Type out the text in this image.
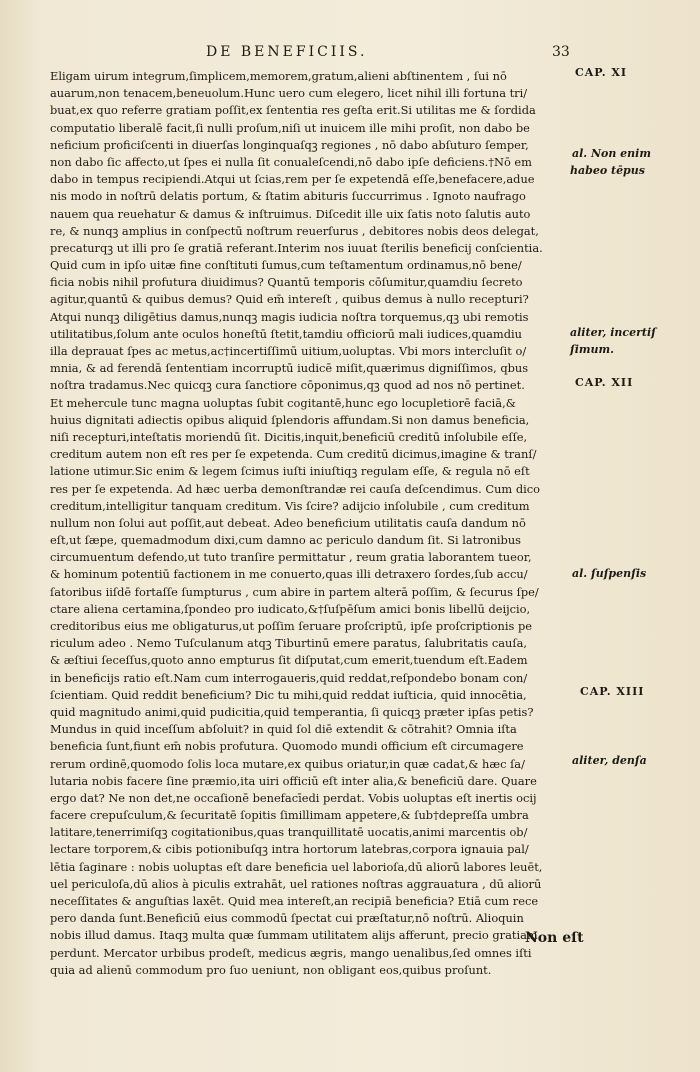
DE BENEFICIIS.	33
Eligam uirum integrum,ſimplicem,memorem,gratum,alieni abſtinentem , ſui nō
auarum,non tenacem,beneuolum.Hunc uero cum elegero, licet nihil illi fortuna tri/
buat,ex quo referre gratiam poſſit,ex ſententia res geſta erit.Si utilitas me & ſordida
computatio liberalē facit,ſi nulli proſum,niſi ut inuicem ille mihi proſit, non dabo be
neficium proficiſcenti in diuerſas longinquaſqꝫ regiones , nō dabo abſuturo ſemper,
non dabo ſic affecto,ut ſpes ei nulla ſit conualeſcendi,nō dabo ipſe deficiens.†Nō em
dabo in tempus recipiendi.Atqui ut ſcias,rem per ſe expetendā eſſe,benefacere,adue
nis modo in noſtrū delatis portum, & ſtatim abituris ſuccurrimus . Ignoto naufrago
nauem qua reuehatur & damus & inſtruimus. Diſcedit ille uix ſatis noto ſalutis auto
re, & nunqꝫ amplius in conſpectū noſtrum reuerſurus , debitores nobis deos delegat,
precaturqꝫ ut illi pro ſe gratiā referant.Interim nos iuuat ſterilis beneficij conſcientia.
Quid cum in ipſo uitæ fine conſtituti ſumus,cum teſtamentum ordinamus,nō bene/
ficia nobis nihil profutura diuidimus? Quantū temporis cōſumitur,quamdiu ſecreto
agitur,quantū & quibus demus? Quid em̄ intereſt , quibus demus à nullo recepturi?
Atqui nunqꝫ diligētius damus,nunqꝫ magis iudicia noſtra torquemus,qꝫ ubi remotis
utilitatibus,ſolum ante oculos honeſtū ſtetit,tamdiu officiorū mali iudices,quamdiu
illa deprauat ſpes ac metus,ac†incertiſſimū uitium,uoluptas. Vbi mors intercluſit o/
mnia, & ad ferendā ſententiam incorruptū iudicē miſit,quærimus digniſſimos, qbus
noſtra tradamus.Nec quicqꝫ cura ſanctiore cōponimus,qꝫ quod ad nos nō pertinet.
Et mehercule tunc magna uoluptas ſubit cogitantē,hunc ego locupletiorē faciā,&
huius dignitati adiectis opibus aliquid ſplendoris affundam.Si non damus beneficia,
niſi recepturi,inteſtatis moriendū ſit. Dicitis,inquit,beneficiū creditū inſolubile eſſe,
creditum autem non eſt res per ſe expetenda. Cum creditū dicimus,imagine & tranſ/
latione utimur.Sic enim & legem ſcimus iuſti iniuſtiqꝫ regulam eſſe, & regula nō eſt
res per ſe expetenda. Ad hæc uerba demonſtrandæ rei cauſa deſcendimus. Cum dico
creditum,intelligitur tanquam creditum. Vis ſcire? adijcio inſolubile , cum creditum
nullum non ſolui aut poſſit,aut debeat. Adeo beneficium utilitatis cauſa dandum nō
eſt,ut ſæpe, quemadmodum dixi,cum damno ac periculo dandum ſit. Si latronibus
circumuentum defendo,ut tuto tranſire permittatur , reum gratia laborantem tueor,
& hominum potentiū factionem in me conuerto,quas illi detraxero ſordes,ſub accu/
ſatoribus iiſdē fortaſſe ſumpturus , cum abire in partem alterā poſſim, & ſecurus ſpe/
ctare aliena certamina,ſpondeo pro iudicato,&†ſuſpēſum amici bonis libellū deijcio,
creditoribus eius me obligaturus,ut poſſim ſeruare proſcriptū, ipſe proſcriptionis pe
riculum adeo . Nemo Tuſculanum atqꝫ Tiburtinū emere paratus, ſalubritatis cauſa,
& æſtiui ſeceſſus,quoto anno empturus ſit diſputat,cum emerit,tuendum eſt.Eadem
in beneficijs ratio eſt.Nam cum interrogaueris,quid reddat,reſpondebo bonam con/
ſcientiam. Quid reddit beneficium? Dic tu mihi,quid reddat iuſticia, quid innocētia,
quid magnitudo animi,quid pudicitia,quid temperantia, ſi quicqꝫ præter ipſas petis?
Mundus in quid inceſſum abſoluit? in quid ſol diē extendit & cōtrahit? Omnia iſta
beneficia ſunt,fiunt em̄ nobis profutura. Quomodo mundi officium eſt circumagere
rerum ordinē,quomodo ſolis loca mutare,ex quibus oriatur,in quæ cadat,& hæc ſa/
lutaria nobis facere ſine præmio,ita uiri officiū eſt inter alia,& beneficiū dare. Quare
ergo dat? Ne non det,ne occaſionē benefacīedi perdat. Vobis uoluptas eſt inertis ocij
facere crepuſculum,& ſecuritatē ſopitis ſimillimam appetere,& ſub†depreſſa umbra
latitare,tenerrimiſqꝫ cogitationibus,quas tranquillitatē uocatis,animi marcentis ob/
lectare torporem,& cibis potionibuſqꝫ intra hortorum latebras,corpora ignauia pal/
lētia ſaginare : nobis uoluptas eſt dare beneficia uel laborioſa,dū aliorū labores leuēt,
uel periculoſa,dū alios à piculis extrahāt, uel rationes noſtras aggrauatura , dū aliorū
neceſſitates & anguſtias laxēt. Quid mea intereſt,an recipiā beneficia? Etiā cum rece
pero danda ſunt.Beneficiū eius commodū ſpectat cui præſtatur,nō noſtrū. Alioquin
nobis illud damus. Itaqꝫ multa quæ ſummam utilitatem alijs afferunt, precio gratiam
perdunt. Mercator urbibus prodeſt, medicus ægris, mango uenalibus,ſed omnes iſti
quia ad alienū commodum pro ſuo ueniunt, non obligant eos,quibus proſunt.
Non eſt
CAP. XI
al. Non enim
habeo tēpus
aliter, incertiſ
ſimum.
CAP. XII
al. ſuſpenſis
CAP. XIII
aliter, denſa
